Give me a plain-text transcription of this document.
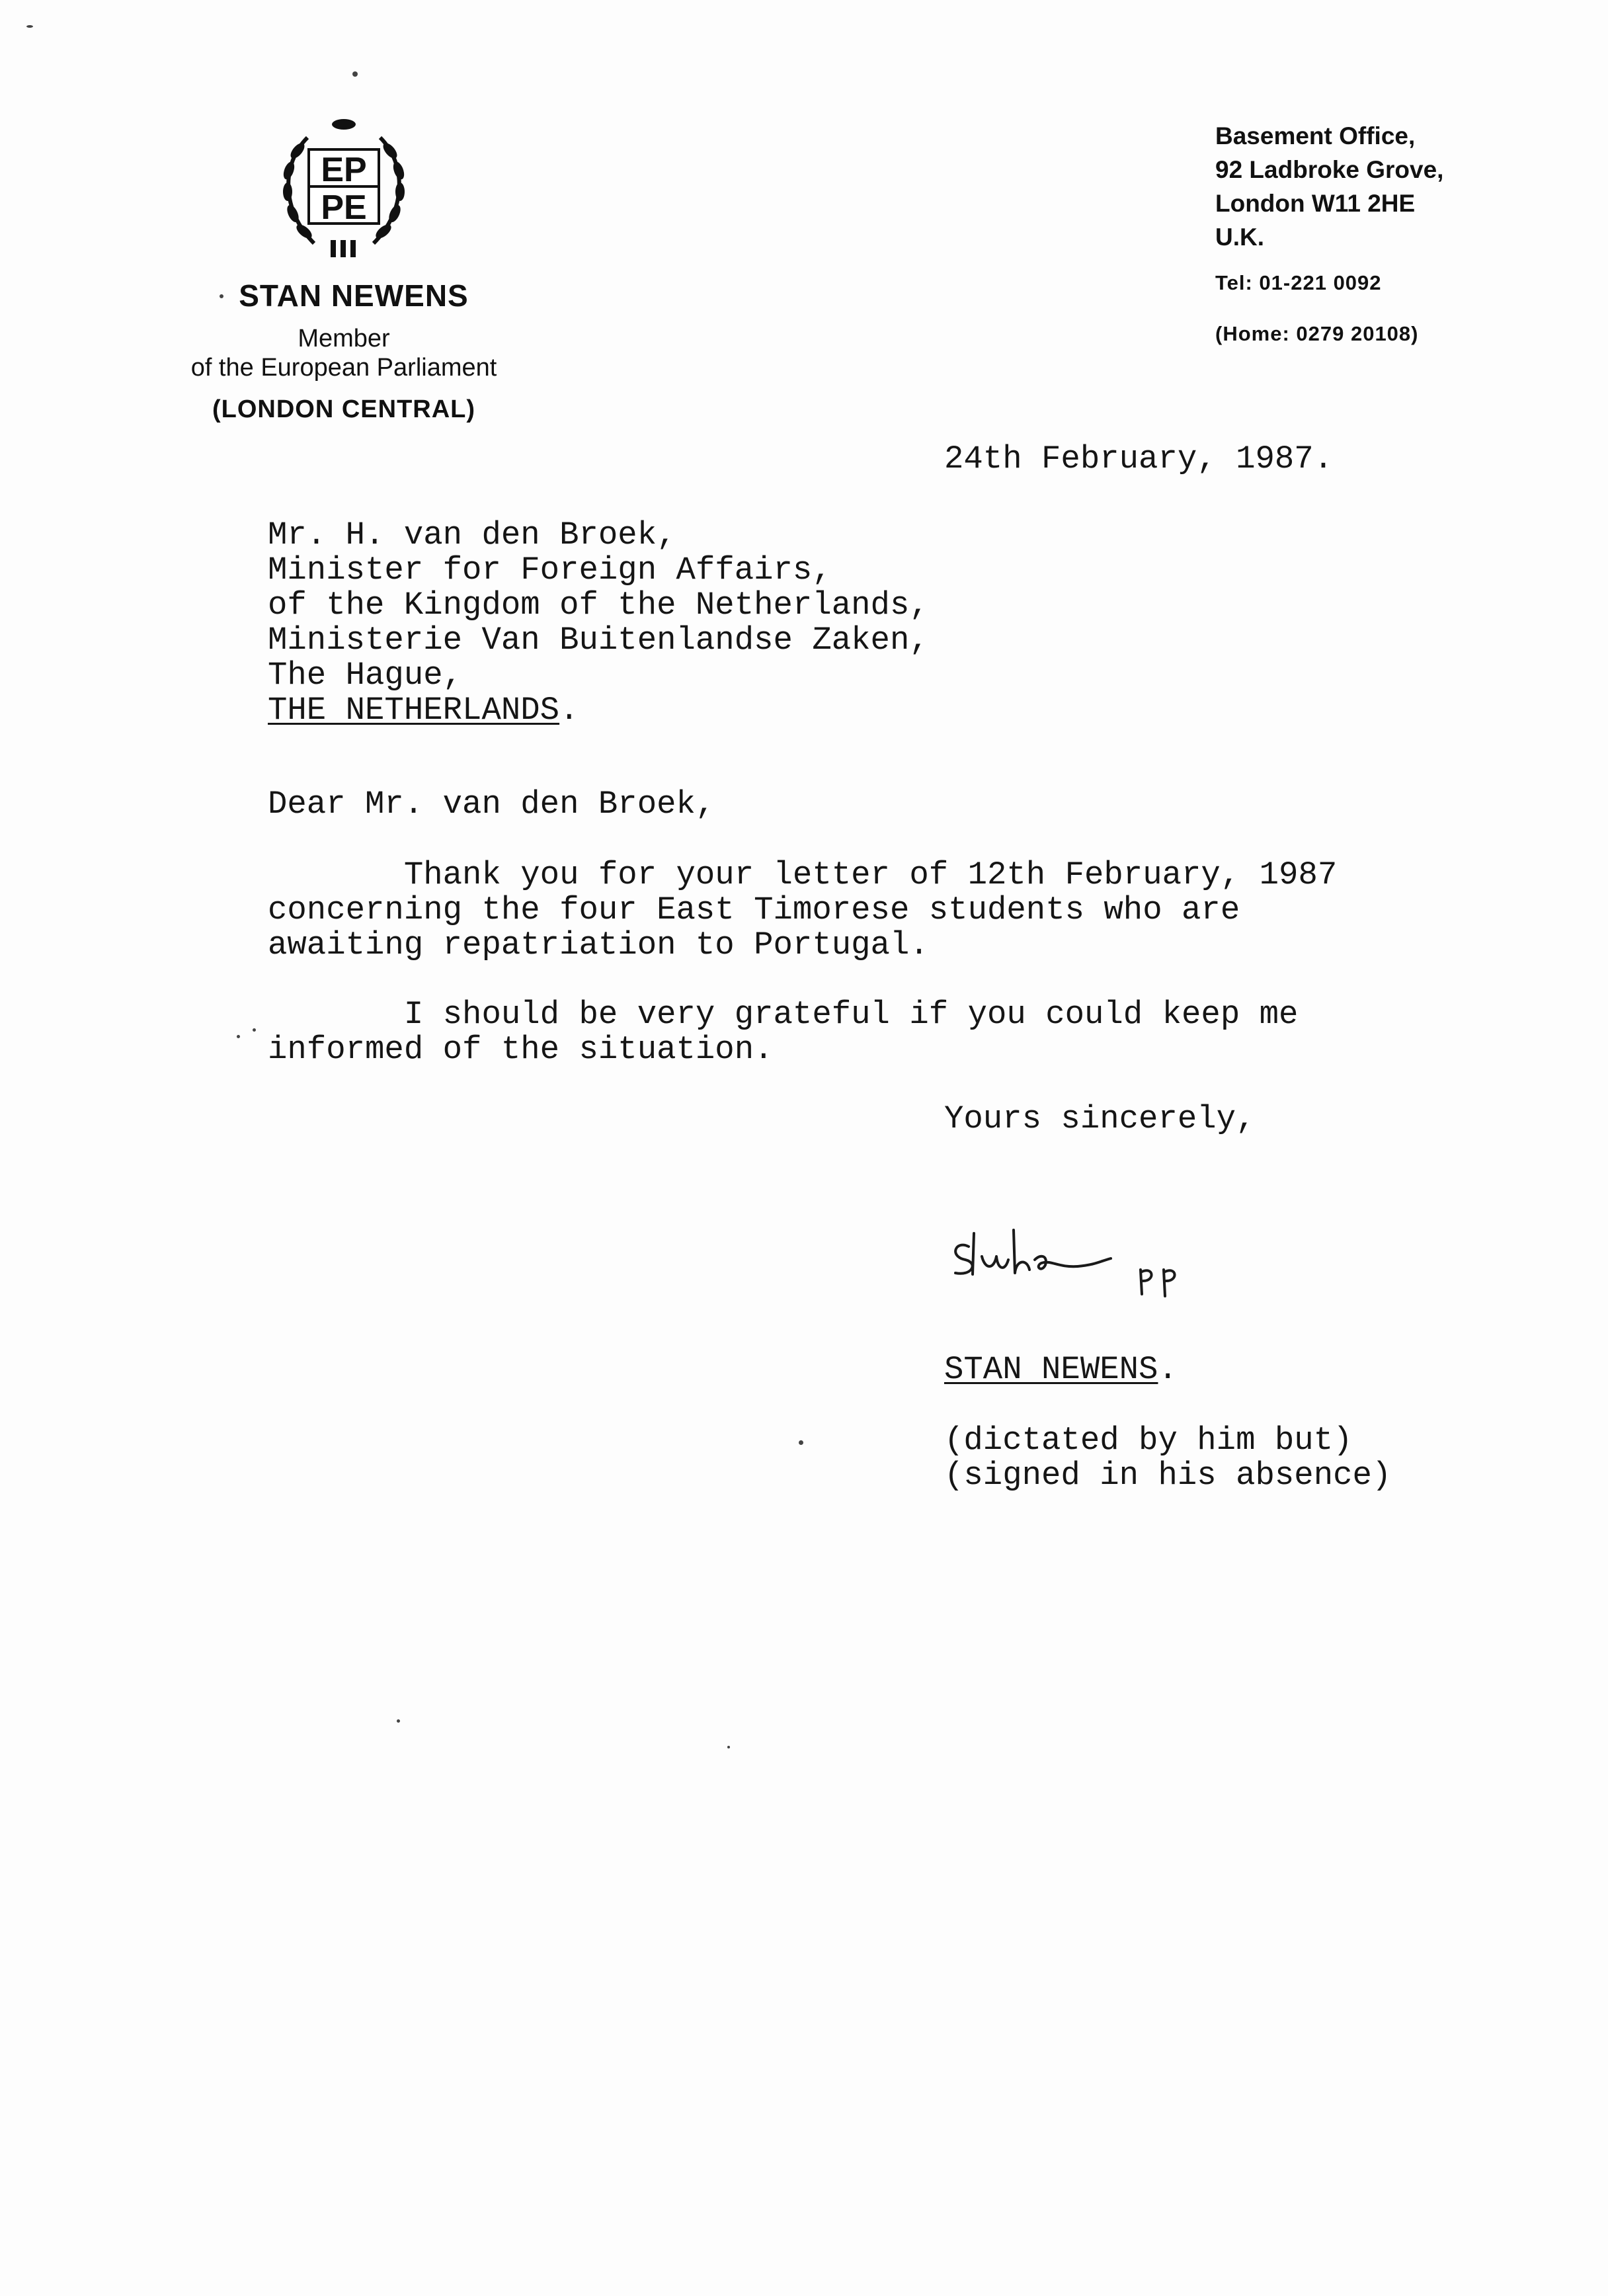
EP
PE
STAN NEWENS
Member
of the European Parliament
(LONDON CENTRAL)
Basement Office,
92 Ladbroke Grove,
London W11 2HE
U.K.
Tel: 01-221 0092
(Home: 0279 20108)
24th February, 1987.
Mr. H. van den Broek,
Minister for Foreign Affairs,
of the Kingdom of the Netherlands,
Ministerie Van Buitenlandse Zaken,
The Hague,
THE NETHERLANDS.
Dear Mr. van den Broek,
Thank you for your letter of 12th February, 1987
concerning the four East Timorese students who are
awaiting repatriation to Portugal.
I should be very grateful if you could keep me
informed of the situation.
Yours sincerely,
Shuther pp
STAN NEWENS.
(dictated by him but)
(signed in his absence)
